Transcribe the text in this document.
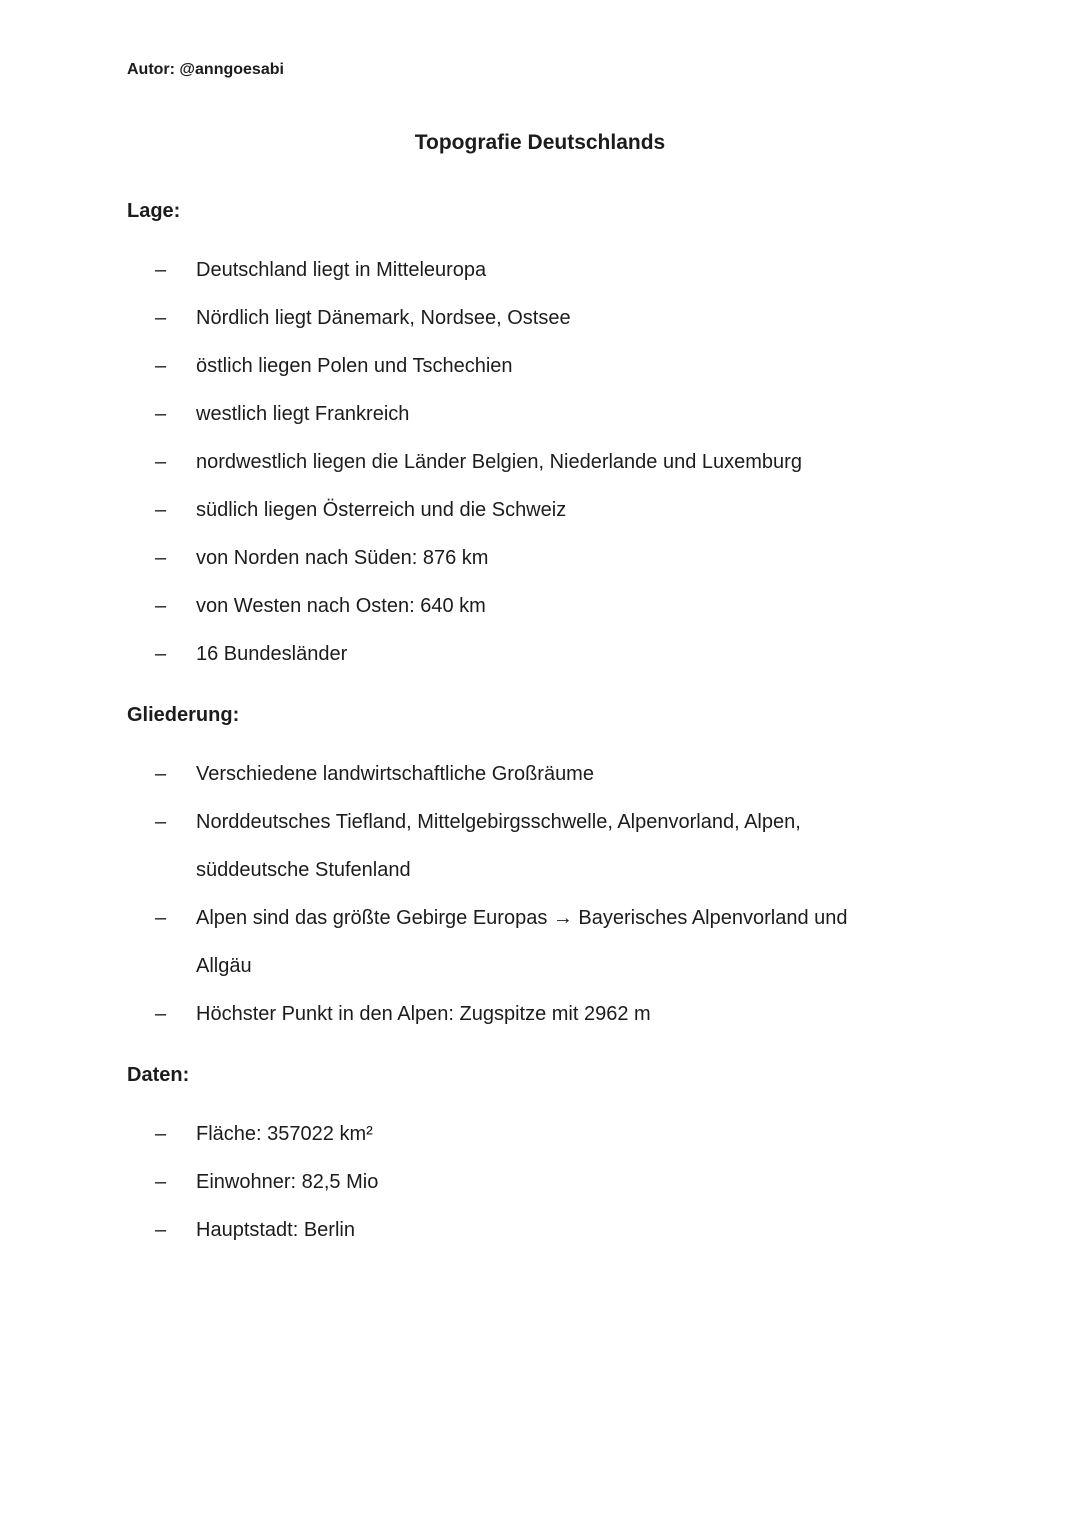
Autor: @anngoesabi
Topografie Deutschlands
Lage:
–	Deutschland liegt in Mitteleuropa
–	Nördlich liegt Dänemark, Nordsee, Ostsee
–	östlich liegen Polen und Tschechien
–	westlich liegt Frankreich
–	nordwestlich liegen die Länder Belgien, Niederlande und Luxemburg
–	südlich liegen Österreich und die Schweiz
–	von Norden nach Süden: 876 km
–	von Westen nach Osten: 640 km
–	16 Bundesländer
Gliederung:
–	Verschiedene landwirtschaftliche Großräume
–	Norddeutsches Tiefland, Mittelgebirgsschwelle, Alpenvorland, Alpen,
süddeutsche Stufenland
–	Alpen sind das größte Gebirge Europas → Bayerisches Alpenvorland und
Allgäu
–	Höchster Punkt in den Alpen: Zugspitze mit 2962 m
Daten:
–	Fläche: 357022 km²
–	Einwohner: 82,5 Mio
–	Hauptstadt: Berlin
